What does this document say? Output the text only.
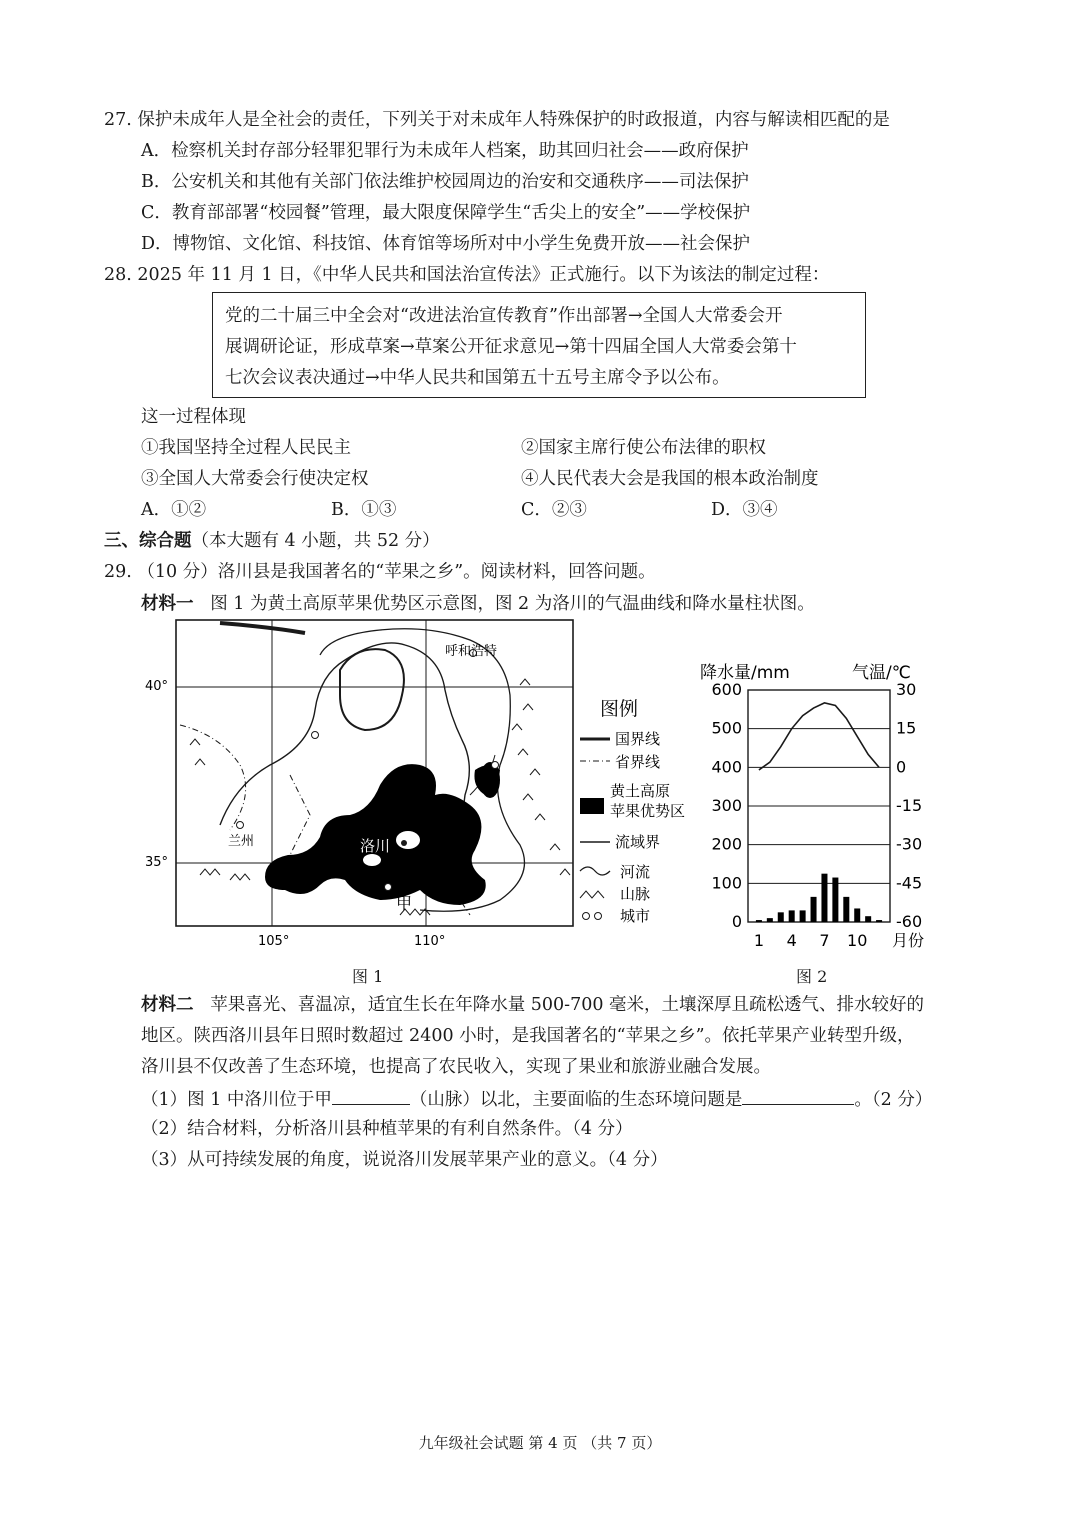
27. 保护未成年人是全社会的责任，下列关于对未成年人特殊保护的时政报道，内容与解读相匹配的是
A．检察机关封存部分轻罪犯罪行为未成年人档案，助其回归社会——政府保护
B．公安机关和其他有关部门依法维护校园周边的治安和交通秩序——司法保护
C．教育部部署“校园餐”管理，最大限度保障学生“舌尖上的安全”——学校保护
D．博物馆、文化馆、科技馆、体育馆等场所对中小学生免费开放——社会保护
28. 2025 年 11 月 1 日，《中华人民共和国法治宣传法》正式施行。以下为该法的制定过程：
党的二十届三中全会对“改进法治宣传教育”作出部署→全国人大常委会开
展调研论证，形成草案→草案公开征求意见→第十四届全国人大常委会第十
七次会议表决通过→中华人民共和国第五十五号主席令予以公布。
这一过程体现
①我国坚持全过程人民民主	②国家主席行使公布法律的职权
③全国人大常委会行使决定权	④人民代表大会是我国的根本政治制度
A．①②	B．①③	C．②③	D．③④
三、综合题（本大题有 4 小题，共 52 分）
29. （10 分）洛川县是我国著名的“苹果之乡”。阅读材料，回答问题。
材料一 图 1 为黄土高原苹果优势区示意图，图 2 为洛川的气温曲线和降水量柱状图。
40°
35°
105°	110°
呼和浩特
兰州	洛川
甲
图例
国界线
省界线
黄土高原
苹果优势区
流域界
河流
山脉
城市
图 1
降水量/mm	气温/℃
0
100
200
300
400
500
600	30
15
0
-15
-30
-45
-60
1 4 7 10 月份
图 2
材料二 苹果喜光、喜温凉，适宜生长在年降水量 500-700 毫米，土壤深厚且疏松透气、排水较好的
地区。陕西洛川县年日照时数超过 2400 小时，是我国著名的“苹果之乡”。依托苹果产业转型升级，
洛川县不仅改善了生态环境，也提高了农民收入，实现了果业和旅游业融合发展。
（1）图 1 中洛川位于甲	（山脉）以北，主要面临的生态环境问题是	。（2 分）
（2）结合材料，分析洛川县种植苹果的有利自然条件。（4 分）
（3）从可持续发展的角度，说说洛川发展苹果产业的意义。（4 分）
九年级社会试题 第 4 页 （共 7 页）
